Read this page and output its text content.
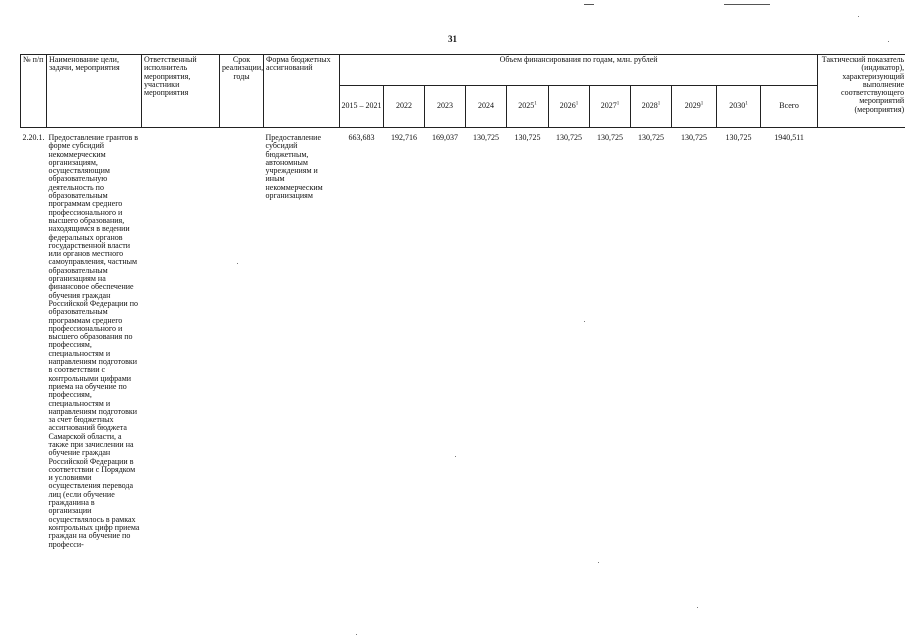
31
№ п/п	Наименование цели, задачи, мероприятия	Ответственный исполнитель мероприятия, участники мероприятия	Срок реализации, годы	Форма бюджетных ассигнований	Объем финансирования по годам, млн. рублей											Тактический показатель (индикатор), характеризующий выполнение соответствующего мероприятий (мероприятия)
					2015 – 2021	2022	2023	2024	2025$^1$	2026$^1$	2027$^1$	2028$^1$	2029$^1$	2030$^1$	Всего	
2.20.1.	Предоставление грантов в форме субсидий некоммерческим организациям, осуществляющим образовательную деятельность по образовательным программам среднего профессионального и высшего образования, находящимся в ведении федеральных органов государственной власти или органов местного самоуправления, частным образовательным организациям на финансовое обеспечение обучения граждан Российской Федерации по образовательным программам среднего профессионального и высшего образования по профессиям, специальностям и направлениям подготовки в соответствии с контрольными цифрами приема на обучение по профессиям, специальностям и направлениям подготовки за счет бюджетных ассигнований бюджета Самарской области, а также при зачислении на обучение граждан Российской Федерации в соответствии с Порядком и условиями осуществления перевода лиц (если обучение гражданина в организации осуществлялось в рамках контрольных цифр приема граждан на обучение по професси-			Предоставление субсидий бюджетным, автономным учреждениям и иным некоммерческим организациям	663,683	192,716	169,037	130,725	130,725	130,725	130,725	130,725	130,725	130,725	1940,511	
